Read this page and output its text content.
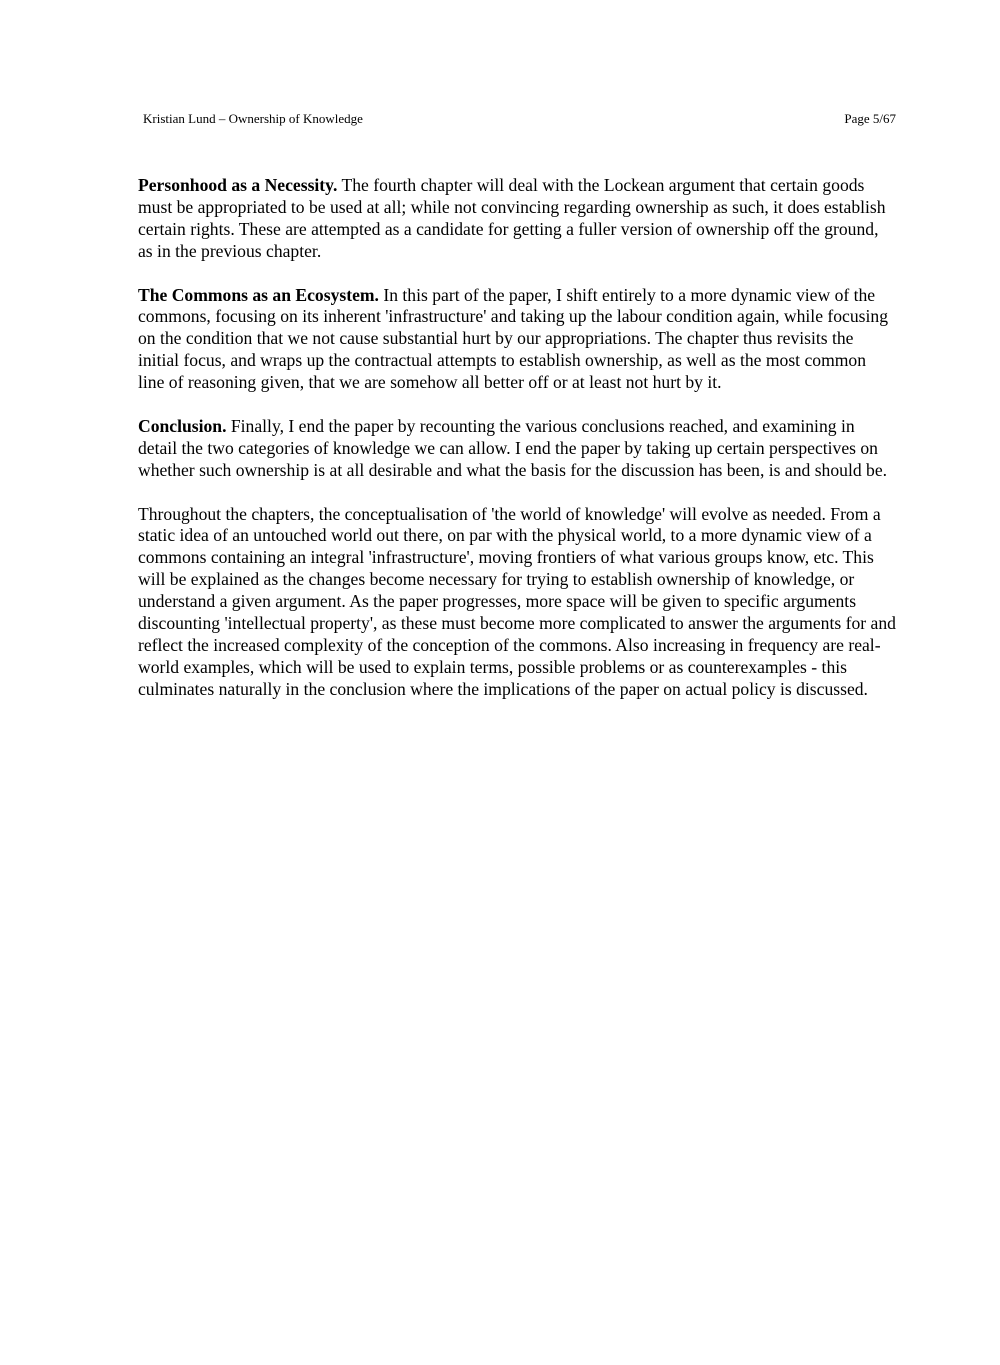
Kristian Lund – Ownership of Knowledge	Page 5/67

Personhood as a Necessity. The fourth chapter will deal with the Lockean argument that certain goods must be appropriated to be used at all; while not convincing regarding ownership as such, it does establish certain rights. These are attempted as a candidate for getting a fuller version of ownership off the ground, as in the previous chapter.

The Commons as an Ecosystem. In this part of the paper, I shift entirely to a more dynamic view of the commons, focusing on its inherent 'infrastructure' and taking up the labour condition again, while focusing on the condition that we not cause substantial hurt by our appropriations. The chapter thus revisits the initial focus, and wraps up the contractual attempts to establish ownership, as well as the most common line of reasoning given, that we are somehow all better off or at least not hurt by it.

Conclusion. Finally, I end the paper by recounting the various conclusions reached, and examining in detail the two categories of knowledge we can allow. I end the paper by taking up certain perspectives on whether such ownership is at all desirable and what the basis for the discussion has been, is and should be.

Throughout the chapters, the conceptualisation of 'the world of knowledge' will evolve as needed. From a static idea of an untouched world out there, on par with the physical world, to a more dynamic view of a commons containing an integral 'infrastructure', moving frontiers of what various groups know, etc. This will be explained as the changes become necessary for trying to establish ownership of knowledge, or understand a given argument. As the paper progresses, more space will be given to specific arguments discounting 'intellectual property', as these must become more complicated to answer the arguments for and reflect the increased complexity of the conception of the commons. Also increasing in frequency are real-world examples, which will be used to explain terms, possible problems or as counterexamples - this culminates naturally in the conclusion where the implications of the paper on actual policy is discussed.
